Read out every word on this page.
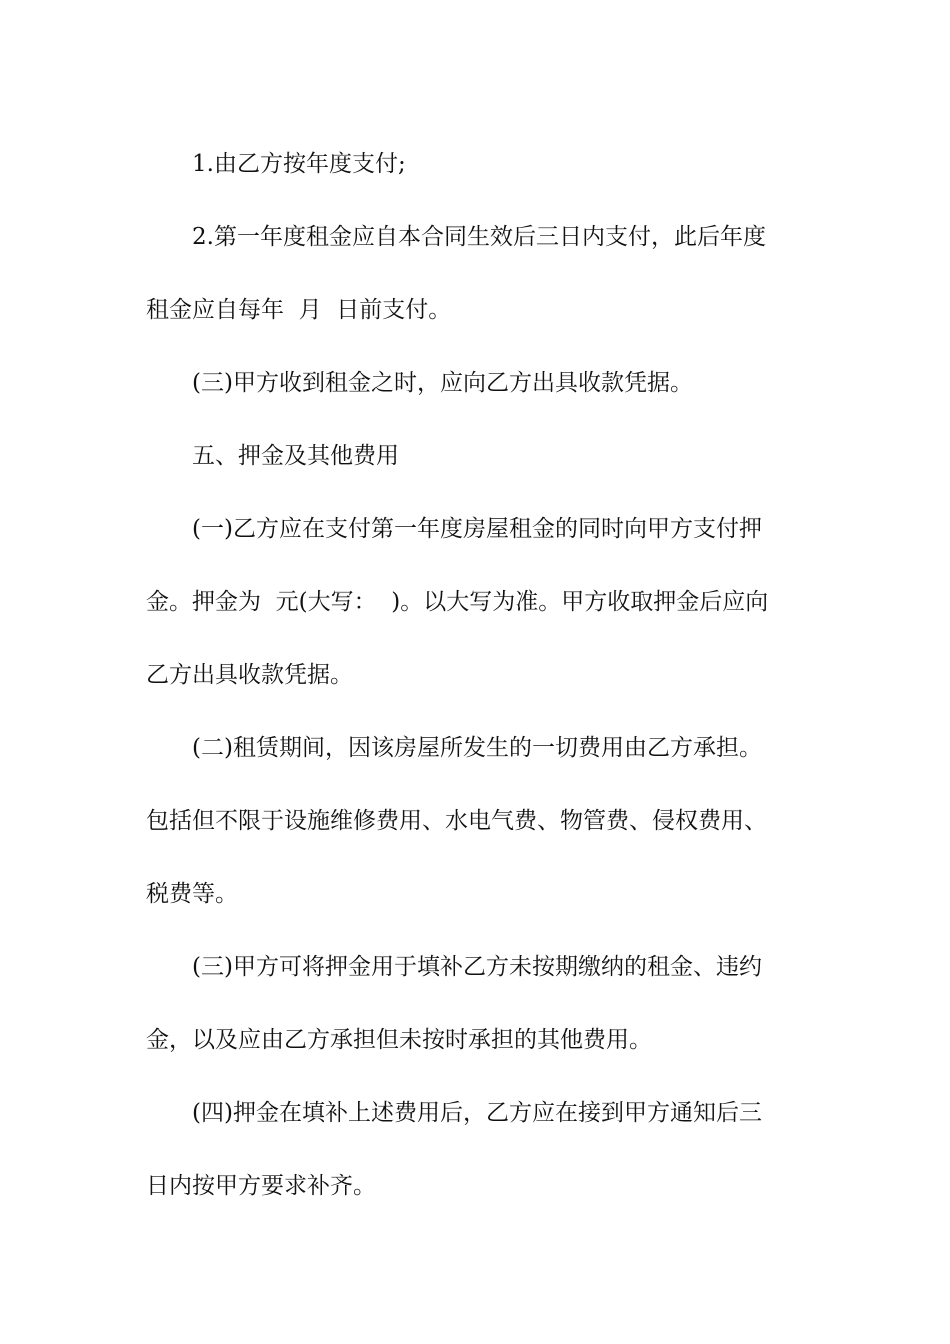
1.由乙方按年度支付;
2.第一年度租金应自本合同生效后三日内支付，此后年度
租金应自每年  月  日前支付。
(三)甲方收到租金之时，应向乙方出具收款凭据。
五、押金及其他费用
(一)乙方应在支付第一年度房屋租金的同时向甲方支付押
金。押金为  元(大写：  )。以大写为准。甲方收取押金后应向
乙方出具收款凭据。
(二)租赁期间，因该房屋所发生的一切费用由乙方承担。
包括但不限于设施维修费用、水电气费、物管费、侵权费用、
税费等。
(三)甲方可将押金用于填补乙方未按期缴纳的租金、违约
金，以及应由乙方承担但未按时承担的其他费用。
(四)押金在填补上述费用后，乙方应在接到甲方通知后三
日内按甲方要求补齐。
